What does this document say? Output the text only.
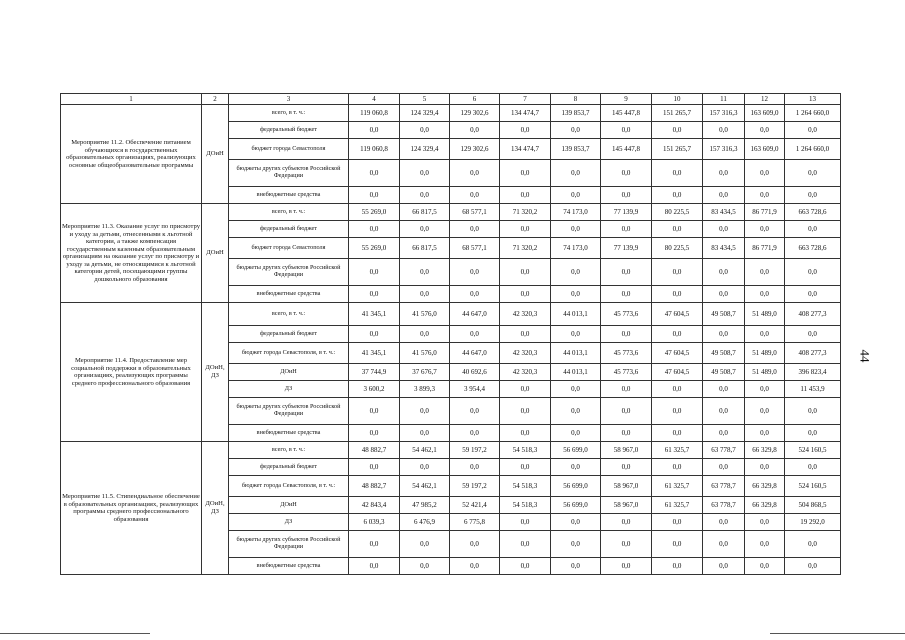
1	2	3	4	5	6	7	8	9	10	11	12	13
Мероприятие 11.2. Обеспечение питанием обучающихся в государственных образовательных организациях, реализующих основные общеобразовательные программы	ДОиН	всего, в т. ч.:	119 060,8	124 329,4	129 302,6	134 474,7	139 853,7	145 447,8	151 265,7	157 316,3	163 609,0	1 264 660,0
		федеральный бюджет	0,0	0,0	0,0	0,0	0,0	0,0	0,0	0,0	0,0	0,0
		бюджет города Севастополя	119 060,8	124 329,4	129 302,6	134 474,7	139 853,7	145 447,8	151 265,7	157 316,3	163 609,0	1 264 660,0
		бюджеты других субъектов Российской Федерации	0,0	0,0	0,0	0,0	0,0	0,0	0,0	0,0	0,0	0,0
		внебюджетные средства	0,0	0,0	0,0	0,0	0,0	0,0	0,0	0,0	0,0	0,0
Мероприятие 11.3. Оказание услуг по присмотру и уходу за детьми, отнесенными к льготной категории, а также компенсация государственным казенным образовательным организациям на оказание услуг по присмотру и уходу за детьми, не относящимися к льготной категории детей, посещающими группы дошкольного образования	ДОиН	всего, в т. ч.:	55 269,0	66 817,5	68 577,1	71 320,2	74 173,0	77 139,9	80 225,5	83 434,5	86 771,9	663 728,6
		федеральный бюджет	0,0	0,0	0,0	0,0	0,0	0,0	0,0	0,0	0,0	0,0
		бюджет города Севастополя	55 269,0	66 817,5	68 577,1	71 320,2	74 173,0	77 139,9	80 225,5	83 434,5	86 771,9	663 728,6
		бюджеты других субъектов Российской Федерации	0,0	0,0	0,0	0,0	0,0	0,0	0,0	0,0	0,0	0,0
		внебюджетные средства	0,0	0,0	0,0	0,0	0,0	0,0	0,0	0,0	0,0	0,0
Мероприятие 11.4. Предоставление мер социальной поддержки в образовательных организациях, реализующих программы среднего профессионального образования	ДОиН, ДЗ	всего, в т. ч.:	41 345,1	41 576,0	44 647,0	42 320,3	44 013,1	45 773,6	47 604,5	49 508,7	51 489,0	408 277,3
		федеральный бюджет	0,0	0,0	0,0	0,0	0,0	0,0	0,0	0,0	0,0	0,0
		бюджет города Севастополя, в т. ч.:	41 345,1	41 576,0	44 647,0	42 320,3	44 013,1	45 773,6	47 604,5	49 508,7	51 489,0	408 277,3
		ДОиН	37 744,9	37 676,7	40 692,6	42 320,3	44 013,1	45 773,6	47 604,5	49 508,7	51 489,0	396 823,4
		ДЗ	3 600,2	3 899,3	3 954,4	0,0	0,0	0,0	0,0	0,0	0,0	11 453,9
		бюджеты других субъектов Российской Федерации	0,0	0,0	0,0	0,0	0,0	0,0	0,0	0,0	0,0	0,0
		внебюджетные средства	0,0	0,0	0,0	0,0	0,0	0,0	0,0	0,0	0,0	0,0
Мероприятие 11.5. Стипендиальное обеспечение в образовательных организациях, реализующих программы среднего профессионального образования	ДОиН, ДЗ	всего, в т. ч.:	48 882,7	54 462,1	59 197,2	54 518,3	56 699,0	58 967,0	61 325,7	63 778,7	66 329,8	524 160,5
		федеральный бюджет	0,0	0,0	0,0	0,0	0,0	0,0	0,0	0,0	0,0	0,0
		бюджет города Севастополя, в т. ч.:	48 882,7	54 462,1	59 197,2	54 518,3	56 699,0	58 967,0	61 325,7	63 778,7	66 329,8	524 160,5
		ДОиН	42 843,4	47 985,2	52 421,4	54 518,3	56 699,0	58 967,0	61 325,7	63 778,7	66 329,8	504 868,5
		ДЗ	6 039,3	6 476,9	6 775,8	0,0	0,0	0,0	0,0	0,0	0,0	19 292,0
		бюджеты других субъектов Российской Федерации	0,0	0,0	0,0	0,0	0,0	0,0	0,0	0,0	0,0	0,0
		внебюджетные средства	0,0	0,0	0,0	0,0	0,0	0,0	0,0	0,0	0,0	0,0
44
